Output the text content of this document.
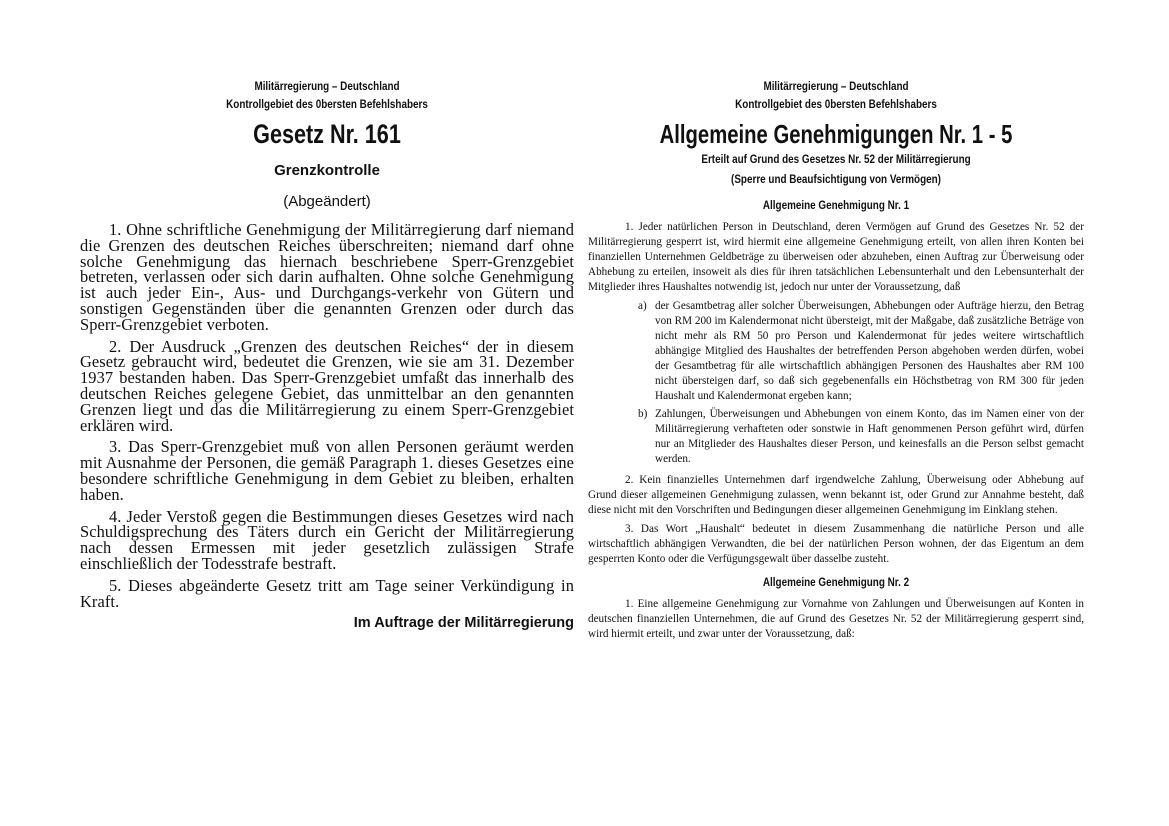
Militärregierung – Deutschland
Kontrollgebiet des 0bersten Befehlshabers
Gesetz Nr. 161
Grenzkontrolle
(Abgeändert)

1. Ohne schriftliche Genehmigung der Militärregierung darf niemand die Grenzen des deutschen Reiches überschreiten; niemand darf ohne solche Genehmigung das hiernach beschriebene Sperr-Grenzgebiet betreten, verlassen oder sich darin aufhalten. Ohne solche Genehmigung ist auch jeder Ein-, Aus- und Durchgangs-verkehr von Gütern und sonstigen Gegenständen über die genannten Grenzen oder durch das Sperr-Grenzgebiet verboten.

2. Der Ausdruck „Grenzen des deutschen Reiches“ der in diesem Gesetz gebraucht wird, bedeutet die Grenzen, wie sie am 31. Dezember 1937 bestanden haben. Das Sperr-Grenzgebiet umfaßt das innerhalb des deutschen Reiches gelegene Gebiet, das unmittelbar an den genannten Grenzen liegt und das die Militärregierung zu einem Sperr-Grenzgebiet erklären wird.

3. Das Sperr-Grenzgebiet muß von allen Personen geräumt werden mit Ausnahme der Personen, die gemäß Paragraph 1. dieses Gesetzes eine besondere schriftliche Genehmigung in dem Gebiet zu bleiben, erhalten haben.

4. Jeder Verstoß gegen die Bestimmungen dieses Gesetzes wird nach Schuldigsprechung des Täters durch ein Gericht der Militärregierung nach dessen Ermessen mit jeder gesetzlich zulässigen Strafe einschließlich der Todesstrafe bestraft.

5. Dieses abgeänderte Gesetz tritt am Tage seiner Verkündigung in Kraft.

Im Auftrage der Militärregierung
Militärregierung – Deutschland
Kontrollgebiet des 0bersten Befehlshabers
Allgemeine Genehmigungen Nr. 1 - 5
Erteilt auf Grund des Gesetzes Nr. 52 der Militärregierung
(Sperre und Beaufsichtigung von Vermögen)
Allgemeine Genehmigung Nr. 1

1. Jeder natürlichen Person in Deutschland, deren Vermögen auf Grund des Gesetzes Nr. 52 der Militärregierung gesperrt ist, wird hiermit eine allgemeine Genehmigung erteilt, von allen ihren Konten bei finanziellen Unternehmen Geldbeträge zu überweisen oder abzuheben, einen Auftrag zur Überweisung oder Abhebung zu erteilen, insoweit als dies für ihren tatsächlichen Lebensunterhalt und den Lebensunterhalt der Mitglieder ihres Haushaltes notwendig ist, jedoch nur unter der Voraussetzung, daß

a) der Gesamtbetrag aller solcher Überweisungen, Abhebungen oder Aufträge hierzu, den Betrag von RM 200 im Kalendermonat nicht übersteigt, mit der Maßgabe, daß zusätzliche Beträge von nicht mehr als RM 50 pro Person und Kalendermonat für jedes weitere wirtschaftlich abhängige Mitglied des Haushaltes der betreffenden Person abgehoben werden dürfen, wobei der Gesamtbetrag für alle wirtschaftlich abhängigen Personen des Haushaltes aber RM 100 nicht übersteigen darf, so daß sich gegebenenfalls ein Höchstbetrag von RM 300 für jeden Haushalt und Kalendermonat ergeben kann;
b) Zahlungen, Überweisungen und Abhebungen von einem Konto, das im Namen einer von der Militärregierung verhafteten oder sonstwie in Haft genommenen Person geführt wird, dürfen nur an Mitglieder des Haushaltes dieser Person, und keinesfalls an die Person selbst gemacht werden.

2. Kein finanzielles Unternehmen darf irgendwelche Zahlung, Überweisung oder Abhebung auf Grund dieser allgemeinen Genehmigung zulassen, wenn bekannt ist, oder Grund zur Annahme besteht, daß diese nicht mit den Vorschriften und Bedingungen dieser allgemeinen Genehmigung im Einklang stehen.

3. Das Wort „Haushalt“ bedeutet in diesem Zusammenhang die natürliche Person und alle wirtschaftlich abhängigen Verwandten, die bei der natürlichen Person wohnen, der das Eigentum an dem gesperrten Konto oder die Verfügungsgewalt über dasselbe zusteht.

Allgemeine Genehmigung Nr. 2

1. Eine allgemeine Genehmigung zur Vornahme von Zahlungen und Überweisungen auf Konten in deutschen finanziellen Unternehmen, die auf Grund des Gesetzes Nr. 52 der Militärregierung gesperrt sind, wird hiermit erteilt, und zwar unter der Voraussetzung, daß:
